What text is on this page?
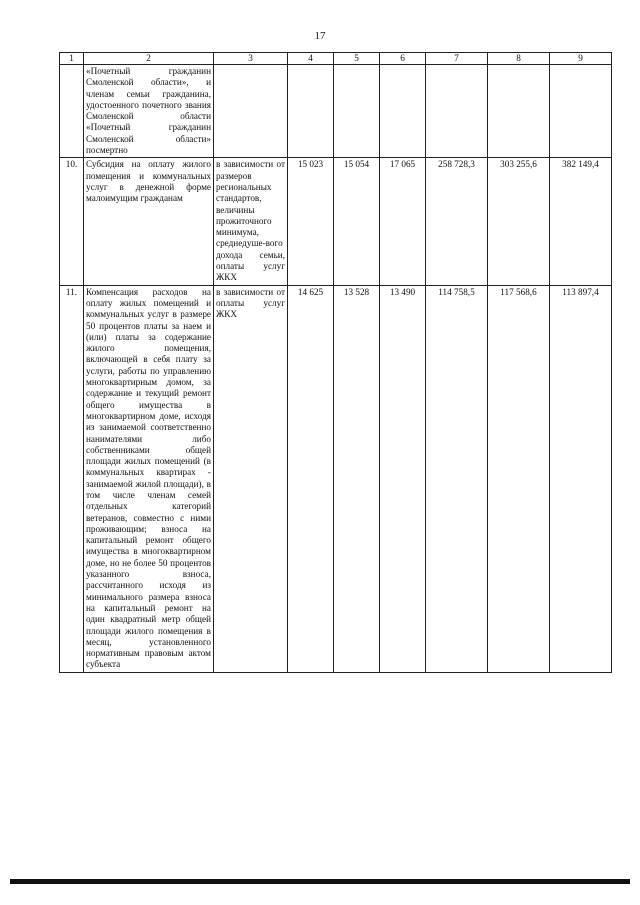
17
1	2	3	4	5	6	7	8	9
	«Почетный гражданин Смоленской области», и членам семьи гражданина, удостоенного почетного звания Смоленской области «Почетный гражданин Смоленской области» посмертно							
10.	Субсидия на оплату жилого помещения и коммунальных услуг в денежной форме малоимущим гражданам	в зависимости от размеров региональных стандартов, величины прожиточного минимума, среднедуше-вого дохода семьи, оплаты услуг ЖКХ	15 023	15 054	17 065	258 728,3	303 255,6	382 149,4
11.	Компенсация расходов на оплату жилых помещений и коммунальных услуг в размере 50 процентов платы за наем и (или) платы за содержание жилого помещения, включающей в себя плату за услуги, работы по управлению многоквартирным домом, за содержание и текущий ремонт общего имущества в многоквартирном доме, исходя из занимаемой соответственно нанимателями либо собственниками общей площади жилых помещений (в коммунальных квартирах - занимаемой жилой площади), в том числе членам семей отдельных категорий ветеранов, совместно с ними проживающим; взноса на капитальный ремонт общего имущества в многоквартирном доме, но не более 50 процентов указанного взноса, рассчитанного исходя из минимального размера взноса на капитальный ремонт на один квадратный метр общей площади жилого помещения в месяц, установленного нормативным правовым актом субъекта	в зависимости от оплаты услуг ЖКХ	14 625	13 528	13 490	114 758,5	117 568,6	113 897,4
